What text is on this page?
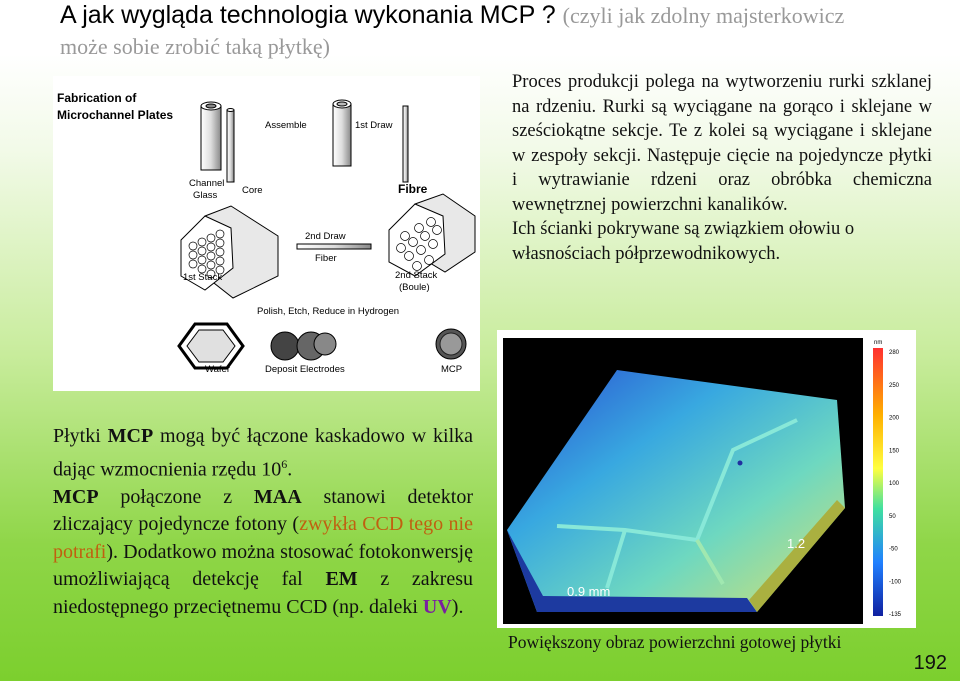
A jak wygląda technologia wykonania MCP ? (czyli jak zdolny majsterkowicz
może sobie zrobić taką płytkę)
Fabrication of
Microchannel Plates
Assemble	1st Draw
Channel
Glass	Core	Fibre
1st Stack
2nd Draw
Fiber
2nd Stack
(Boule)
Polish, Etch, Reduce in Hydrogen
Wafer	Deposit Electrodes	MCP

Proces produkcji polega na wytworzeniu rurki szklanej na rdzeniu. Rurki są wyciągane na gorąco i sklejane w sześciokątne sekcje. Te z kolei są wyciągane i sklejane w zespoły sekcji. Następuje cięcie na pojedyncze płytki i wytrawianie rdzeni oraz obróbka chemiczna wewnętrznej powierzchni kanalików.

Ich ścianki pokrywane są związkiem ołowiu o własnościach półprzewodnikowych.

0.9 mm
1.2
280
250
200
150
100
50
-50
-100
-135
nm
Powiększony obraz powierzchni gotowej płytki

Płytki MCP mogą być łączone kaskadowo w kilka dając wzmocnienia rzędu $10^6$.

MCP połączone z MAA stanowi detektor zliczający pojedyncze fotony (zwykła CCD tego nie potrafi). Dodatkowo można stosować fotokonwersję umożliwiającą detekcję fal EM z zakresu niedostępnego przeciętnemu CCD (np. daleki UV).

192
